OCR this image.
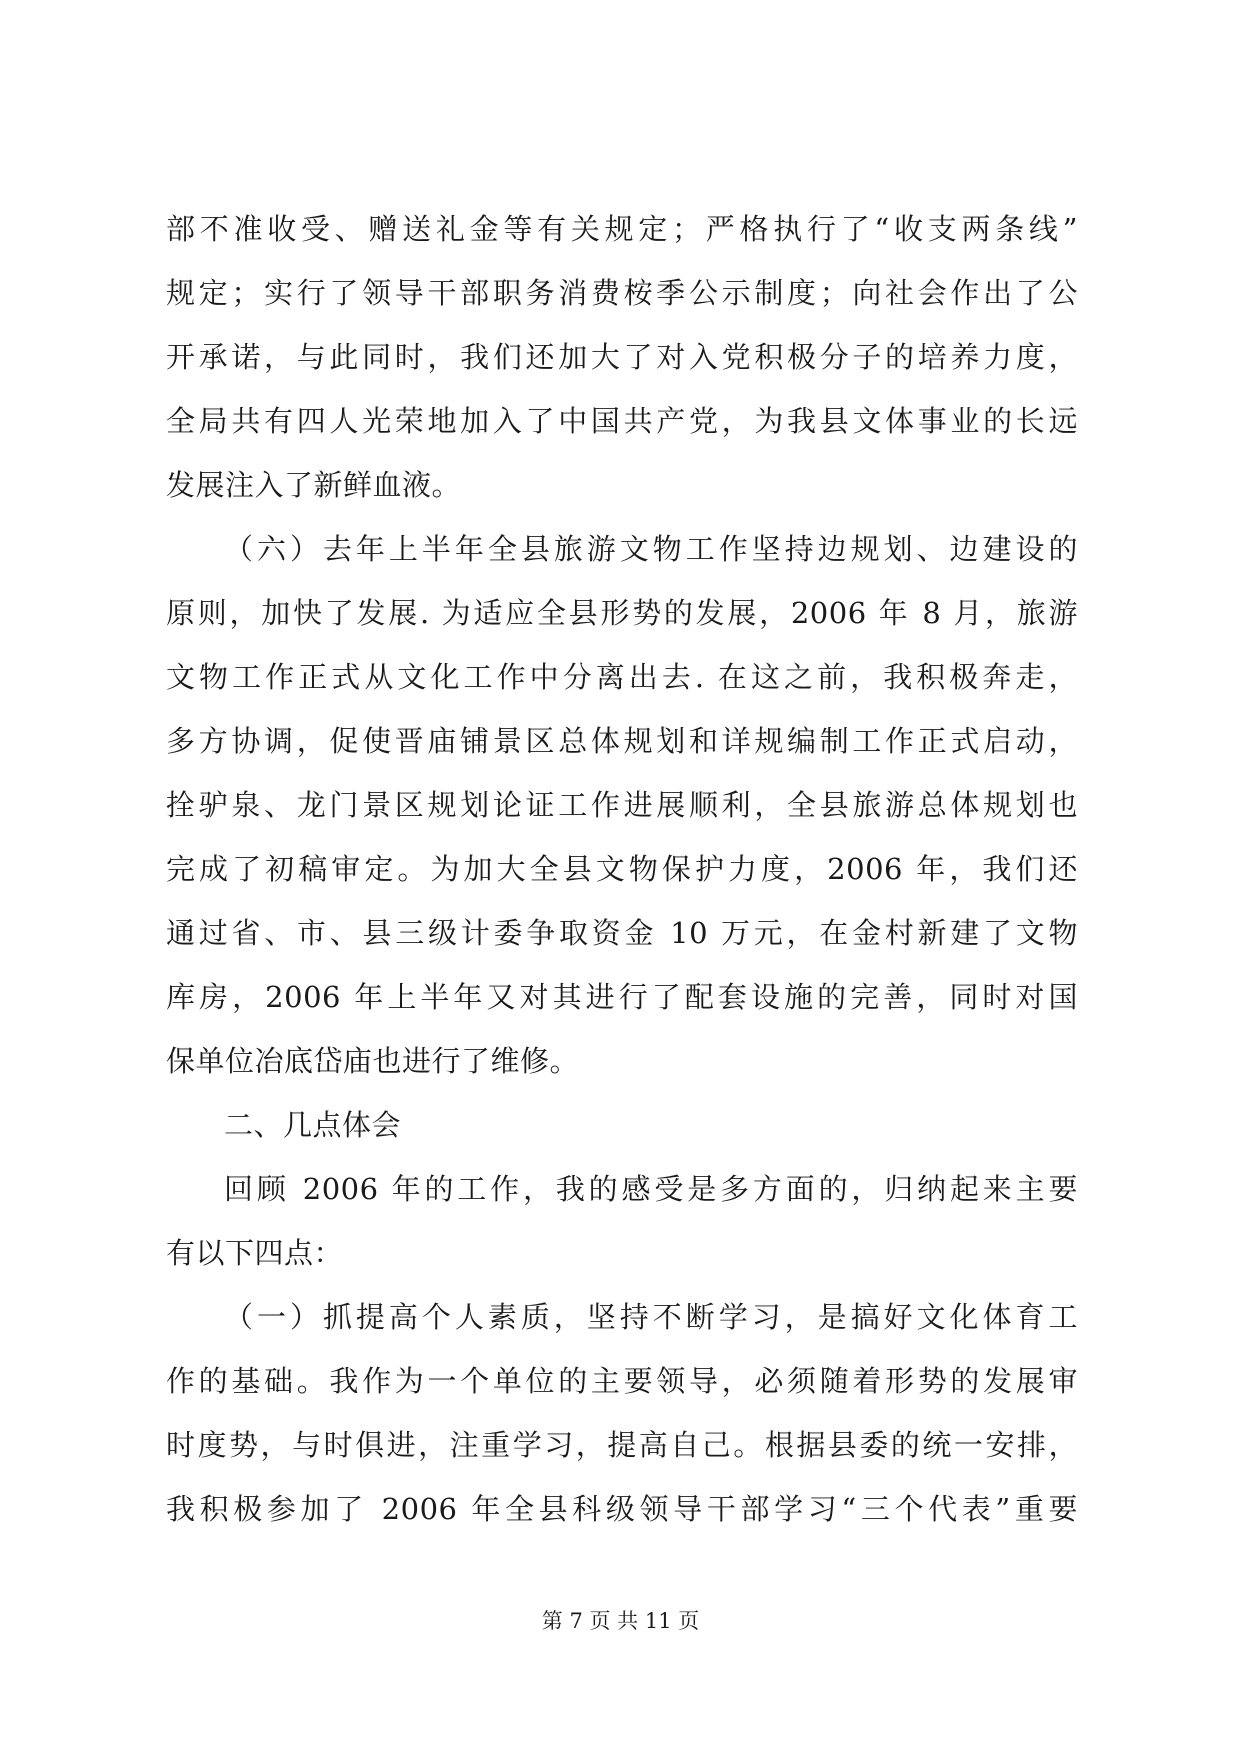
部不准收受、赠送礼金等有关规定；严格执行了“收支两条线”
规定；实行了领导干部职务消费桉季公示制度；向社会作出了公
开承诺，与此同时，我们还加大了对入党积极分子的培养力度，
全局共有四人光荣地加入了中国共产党，为我县文体事业的长远
发展注入了新鲜血液。
（六）去年上半年全县旅游文物工作坚持边规划、边建设的
原则，加快了发展. 为适应全县形势的发展，2006 年 8 月，旅游
文物工作正式从文化工作中分离出去. 在这之前，我积极奔走，
多方协调，促使晋庙铺景区总体规划和详规编制工作正式启动，
拴驴泉、龙门景区规划论证工作进展顺利，全县旅游总体规划也
完成了初稿审定。为加大全县文物保护力度，2006 年，我们还
通过省、市、县三级计委争取资金 10 万元，在金村新建了文物
库房，2006 年上半年又对其进行了配套设施的完善，同时对国
保单位冶底岱庙也进行了维修。
二、几点体会
回顾 2006 年的工作，我的感受是多方面的，归纳起来主要
有以下四点：
（一）抓提高个人素质，坚持不断学习，是搞好文化体育工
作的基础。我作为一个单位的主要领导，必须随着形势的发展审
时度势，与时俱进，注重学习，提高自己。根据县委的统一安排，
我积极参加了 2006 年全县科级领导干部学习“三个代表”重要
第 7 页 共 11 页
